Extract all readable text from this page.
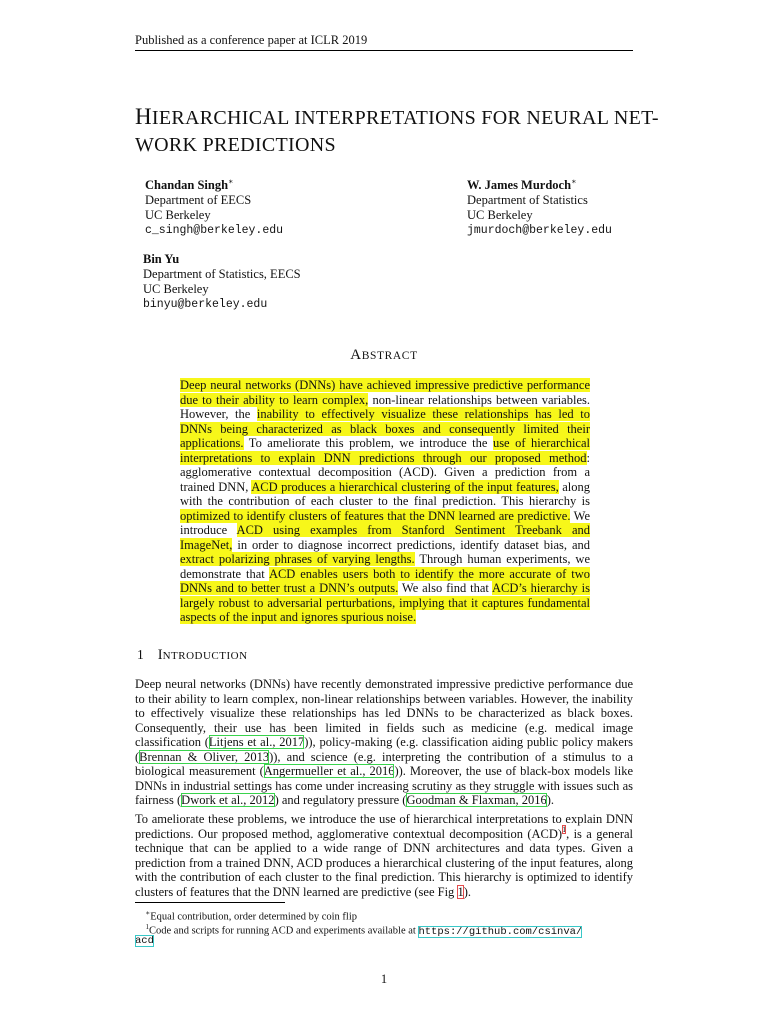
Published as a conference paper at ICLR 2019
HIERARCHICAL INTERPRETATIONS FOR NEURAL NET-
WORK PREDICTIONS
Chandan Singh∗
Department of EECS
UC Berkeley
c_singh@berkeley.edu
W. James Murdoch∗
Department of Statistics
UC Berkeley
jmurdoch@berkeley.edu
Bin Yu
Department of Statistics, EECS
UC Berkeley
binyu@berkeley.edu
ABSTRACT
Deep neural networks (DNNs) have achieved impressive predictive performance due to their ability to learn complex, non-linear relationships between variables. However, the inability to effectively visualize these relationships has led to DNNs being characterized as black boxes and consequently limited their applications. To ameliorate this problem, we introduce the use of hierarchical interpretations to explain DNN predictions through our proposed method: agglomerative contextual decomposition (ACD). Given a prediction from a trained DNN, ACD produces a hierarchical clustering of the input features, along with the contribution of each cluster to the final prediction. This hierarchy is optimized to identify clusters of features that the DNN learned are predictive. We introduce ACD using examples from Stanford Sentiment Treebank and ImageNet, in order to diagnose incorrect predictions, identify dataset bias, and extract polarizing phrases of varying lengths. Through human experiments, we demonstrate that ACD enables users both to identify the more accurate of two DNNs and to better trust a DNN’s outputs. We also find that ACD’s hierarchy is largely robust to adversarial perturbations, implying that it captures fundamental aspects of the input and ignores spurious noise.
1 INTRODUCTION
Deep neural networks (DNNs) have recently demonstrated impressive predictive performance due to their ability to learn complex, non-linear relationships between variables. However, the inability to effectively visualize these relationships has led DNNs to be characterized as black boxes. Consequently, their use has been limited in fields such as medicine (e.g. medical image classification (Litjens et al., 2017)), policy-making (e.g. classification aiding public policy makers (Brennan & Oliver, 2013)), and science (e.g. interpreting the contribution of a stimulus to a biological measurement (Angermueller et al., 2016)). Moreover, the use of black-box models like DNNs in industrial settings has come under increasing scrutiny as they struggle with issues such as fairness (Dwork et al., 2012) and regulatory pressure (Goodman & Flaxman, 2016).
To ameliorate these problems, we introduce the use of hierarchical interpretations to explain DNN predictions. Our proposed method, agglomerative contextual decomposition (ACD)$^1$, is a general technique that can be applied to a wide range of DNN architectures and data types. Given a prediction from a trained DNN, ACD produces a hierarchical clustering of the input features, along with the contribution of each cluster to the final prediction. This hierarchy is optimized to identify clusters of features that the DNN learned are predictive (see Fig 1).
∗Equal contribution, order determined by coin flip
$^1$Code and scripts for running ACD and experiments available at https://github.com/csinva/
acd
1
